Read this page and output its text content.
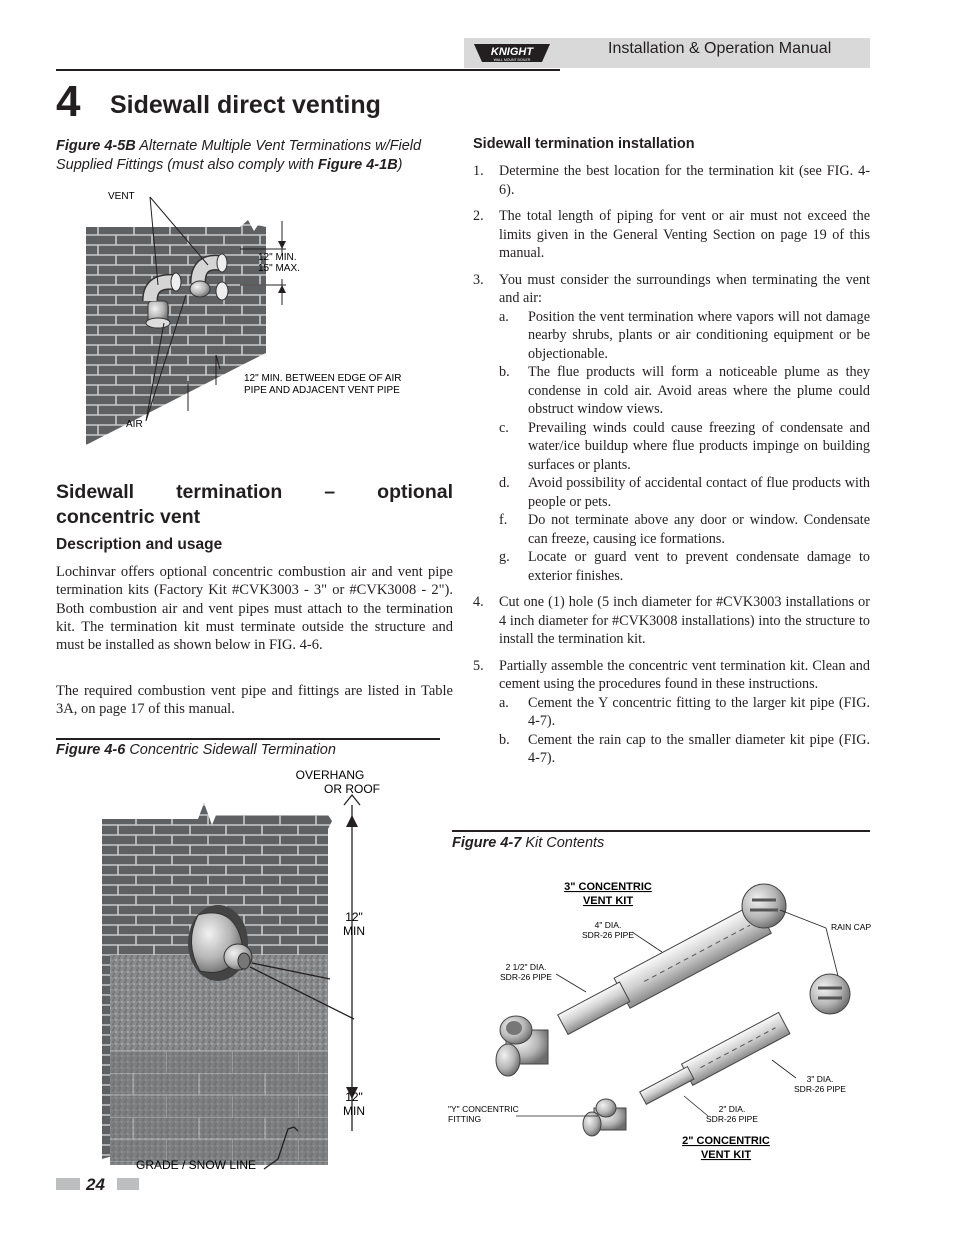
KNIGHT
WALL MOUNT BOILER
Installation & Operation Manual
4 Sidewall direct venting
Figure 4-5B Alternate Multiple Vent Terminations w/Field Supplied Fittings (must also comply with Figure 4-1B)
VENT
AIR
12" MIN.
15" MAX.
12" MIN. BETWEEN EDGE OF AIR
PIPE AND ADJACENT VENT PIPE
Sidewall termination – optional
concentric vent
Description and usage

Lochinvar offers optional concentric combustion air and vent pipe termination kits (Factory Kit #CVK3003 - 3" or #CVK3008 - 2"). Both combustion air and vent pipes must attach to the termination kit. The termination kit must terminate outside the structure and must be installed as shown below in FIG. 4-6.

The required combustion vent pipe and fittings are listed in Table 3A, on page 17 of this manual.

Figure 4-6 Concentric Sidewall Termination
OVERHANG
OR ROOF
12"
MIN
12"
MIN
GRADE / SNOW LINE
Sidewall termination installation
1. Determine the best location for the termination kit (see FIG. 4-6).
2. The total length of piping for vent or air must not exceed the limits given in the General Venting Section on page 19 of this manual.
3. You must consider the surroundings when terminating the vent and air:
a. Position the vent termination where vapors will not damage nearby shrubs, plants or air conditioning equipment or be objectionable.
b. The flue products will form a noticeable plume as they condense in cold air. Avoid areas where the plume could obstruct window views.
c. Prevailing winds could cause freezing of condensate and water/ice buildup where flue products impinge on building surfaces or plants.
d. Avoid possibility of accidental contact of flue products with people or pets.
f. Do not terminate above any door or window. Condensate can freeze, causing ice formations.
g. Locate or guard vent to prevent condensate damage to exterior finishes.
4. Cut one (1) hole (5 inch diameter for #CVK3003 installations or 4 inch diameter for #CVK3008 installations) into the structure to install the termination kit.
5. Partially assemble the concentric vent termination kit. Clean and cement using the procedures found in these instructions.
a. Cement the Y concentric fitting to the larger kit pipe (FIG. 4-7).
b. Cement the rain cap to the smaller diameter kit pipe (FIG. 4-7).
Figure 4-7 Kit Contents
3" CONCENTRIC
VENT KIT
2" CONCENTRIC
VENT KIT
4" DIA.
SDR-26 PIPE
RAIN CAP
2 1/2" DIA.
SDR-26 PIPE
3" DIA.
SDR-26 PIPE
"Y" CONCENTRIC
FITTING
2" DIA.
SDR-26 PIPE
24
